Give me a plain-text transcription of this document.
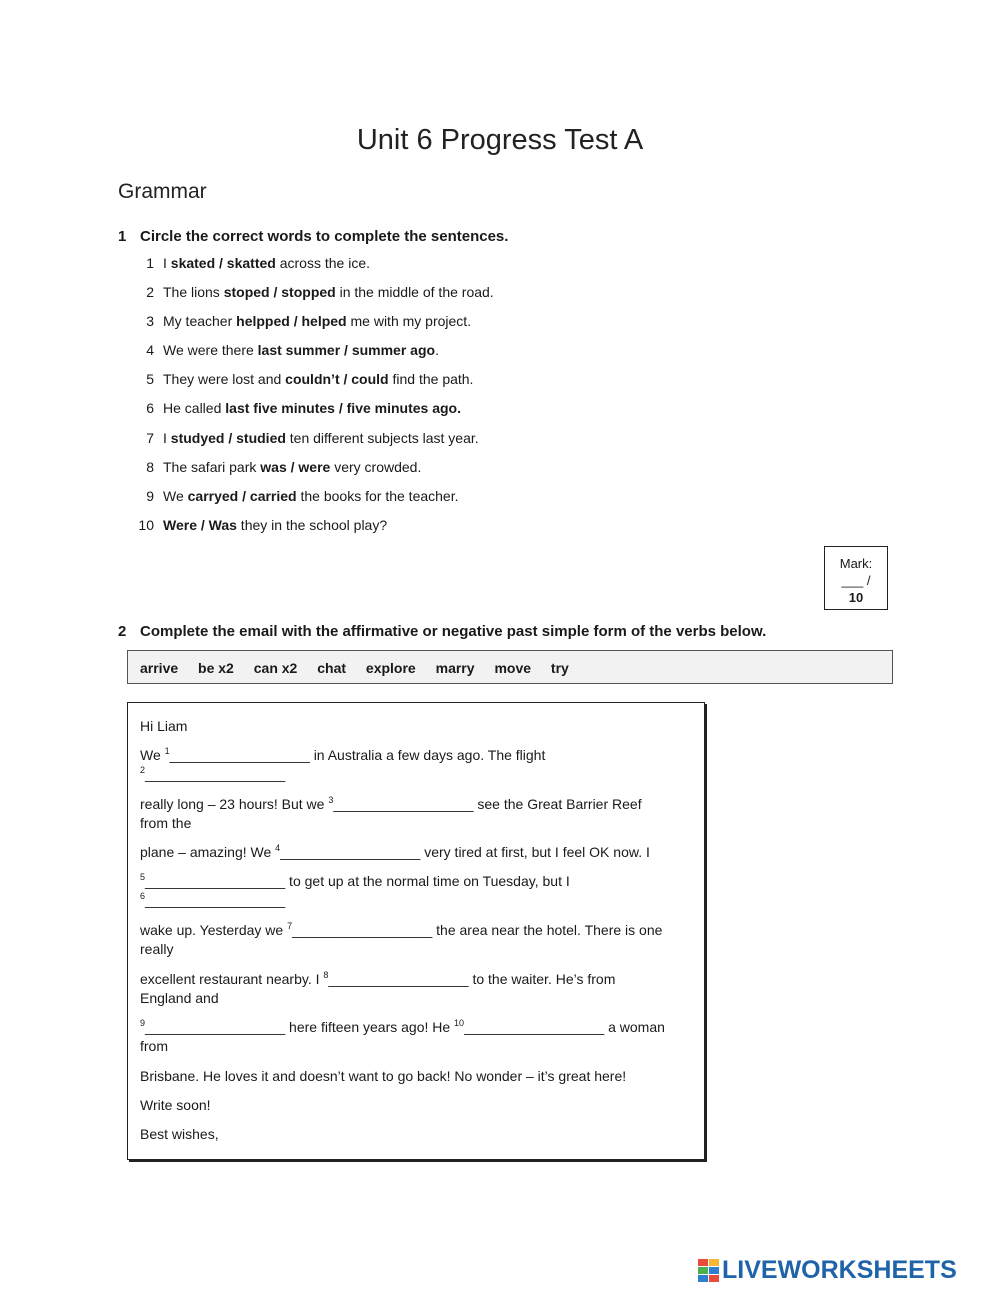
Unit 6 Progress Test A
Grammar
1 Circle the correct words to complete the sentences.
1 I skated / skatted across the ice.
2 The lions stoped / stopped in the middle of the road.
3 My teacher helpped / helped me with my project.
4 We were there last summer / summer ago.
5 They were lost and couldn’t / could find the path.
6 He called last five minutes / five minutes ago.
7 I studyed / studied ten different subjects last year.
8 The safari park was / were very crowded.
9 We carryed / carried the books for the teacher.
10 Were / Was they in the school play?
Mark:
___ /
10
2 Complete the email with the affirmative or negative past simple form of the verbs below.
arrive be x2 can x2 chat explore marry move try
Hi Liam
We $^1$__________________ in Australia a few days ago. The flight
$^2$__________________
really long – 23 hours! But we $^3$__________________ see the Great Barrier Reef
from the
plane – amazing! We $^4$__________________ very tired at first, but I feel OK now. I
$^5$__________________ to get up at the normal time on Tuesday, but I
$^6$__________________
wake up. Yesterday we $^7$__________________ the area near the hotel. There is one
really
excellent restaurant nearby. I $^8$__________________ to the waiter. He’s from
England and
$^9$__________________ here fifteen years ago! He $^{10}$__________________ a woman
from
Brisbane. He loves it and doesn’t want to go back! No wonder – it’s great here!
Write soon!
Best wishes,
LIVEWORKSHEETS
